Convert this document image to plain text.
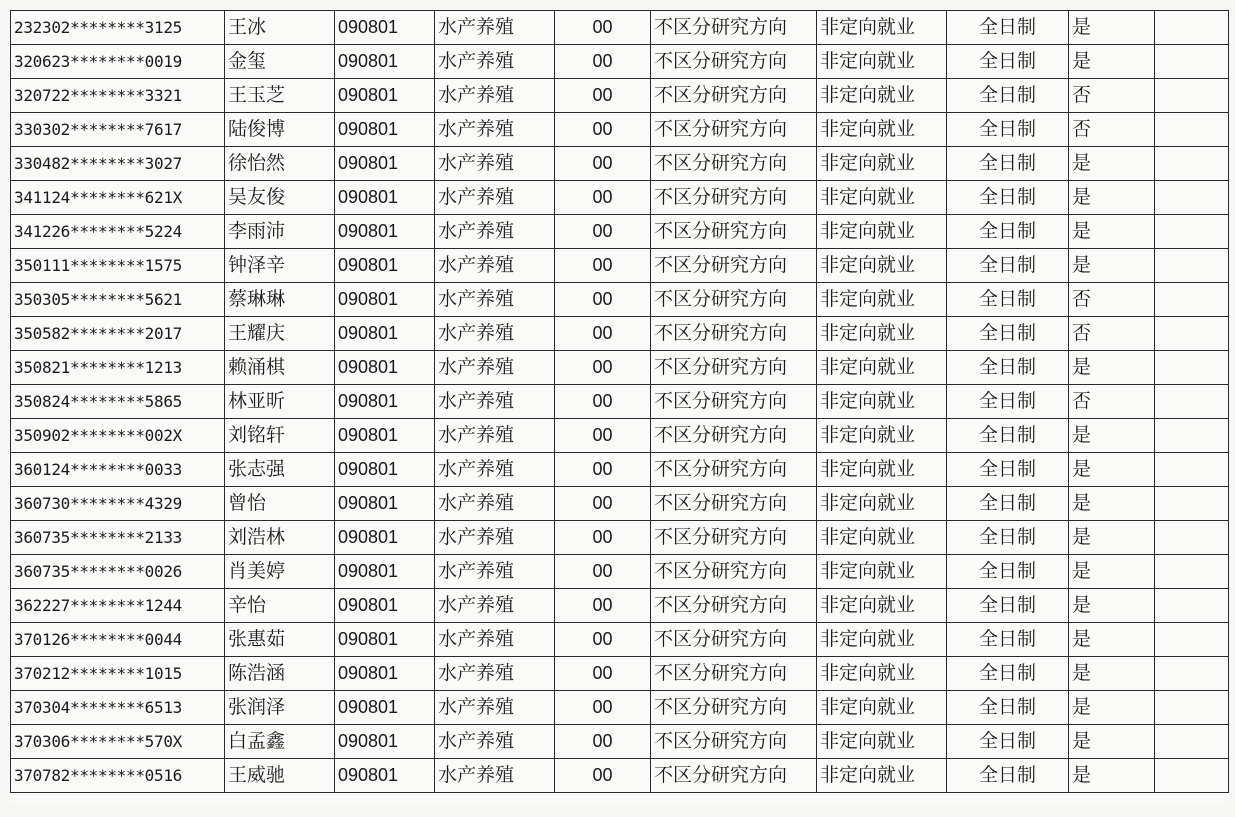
232302********3125	王冰	090801	水产养殖	00	不区分研究方向	非定向就业	全日制	是	
320623********0019	金玺	090801	水产养殖	00	不区分研究方向	非定向就业	全日制	是	
320722********3321	王玉芝	090801	水产养殖	00	不区分研究方向	非定向就业	全日制	否	
330302********7617	陆俊博	090801	水产养殖	00	不区分研究方向	非定向就业	全日制	否	
330482********3027	徐怡然	090801	水产养殖	00	不区分研究方向	非定向就业	全日制	是	
341124********621X	吴友俊	090801	水产养殖	00	不区分研究方向	非定向就业	全日制	是	
341226********5224	李雨沛	090801	水产养殖	00	不区分研究方向	非定向就业	全日制	是	
350111********1575	钟泽辛	090801	水产养殖	00	不区分研究方向	非定向就业	全日制	是	
350305********5621	蔡琳琳	090801	水产养殖	00	不区分研究方向	非定向就业	全日制	否	
350582********2017	王耀庆	090801	水产养殖	00	不区分研究方向	非定向就业	全日制	否	
350821********1213	赖涌棋	090801	水产养殖	00	不区分研究方向	非定向就业	全日制	是	
350824********5865	林亚昕	090801	水产养殖	00	不区分研究方向	非定向就业	全日制	否	
350902********002X	刘铭轩	090801	水产养殖	00	不区分研究方向	非定向就业	全日制	是	
360124********0033	张志强	090801	水产养殖	00	不区分研究方向	非定向就业	全日制	是	
360730********4329	曾怡	090801	水产养殖	00	不区分研究方向	非定向就业	全日制	是	
360735********2133	刘浩林	090801	水产养殖	00	不区分研究方向	非定向就业	全日制	是	
360735********0026	肖美婷	090801	水产养殖	00	不区分研究方向	非定向就业	全日制	是	
362227********1244	辛怡	090801	水产养殖	00	不区分研究方向	非定向就业	全日制	是	
370126********0044	张惠茹	090801	水产养殖	00	不区分研究方向	非定向就业	全日制	是	
370212********1015	陈浩涵	090801	水产养殖	00	不区分研究方向	非定向就业	全日制	是	
370304********6513	张润泽	090801	水产养殖	00	不区分研究方向	非定向就业	全日制	是	
370306********570X	白孟鑫	090801	水产养殖	00	不区分研究方向	非定向就业	全日制	是	
370782********0516	王威驰	090801	水产养殖	00	不区分研究方向	非定向就业	全日制	是	
